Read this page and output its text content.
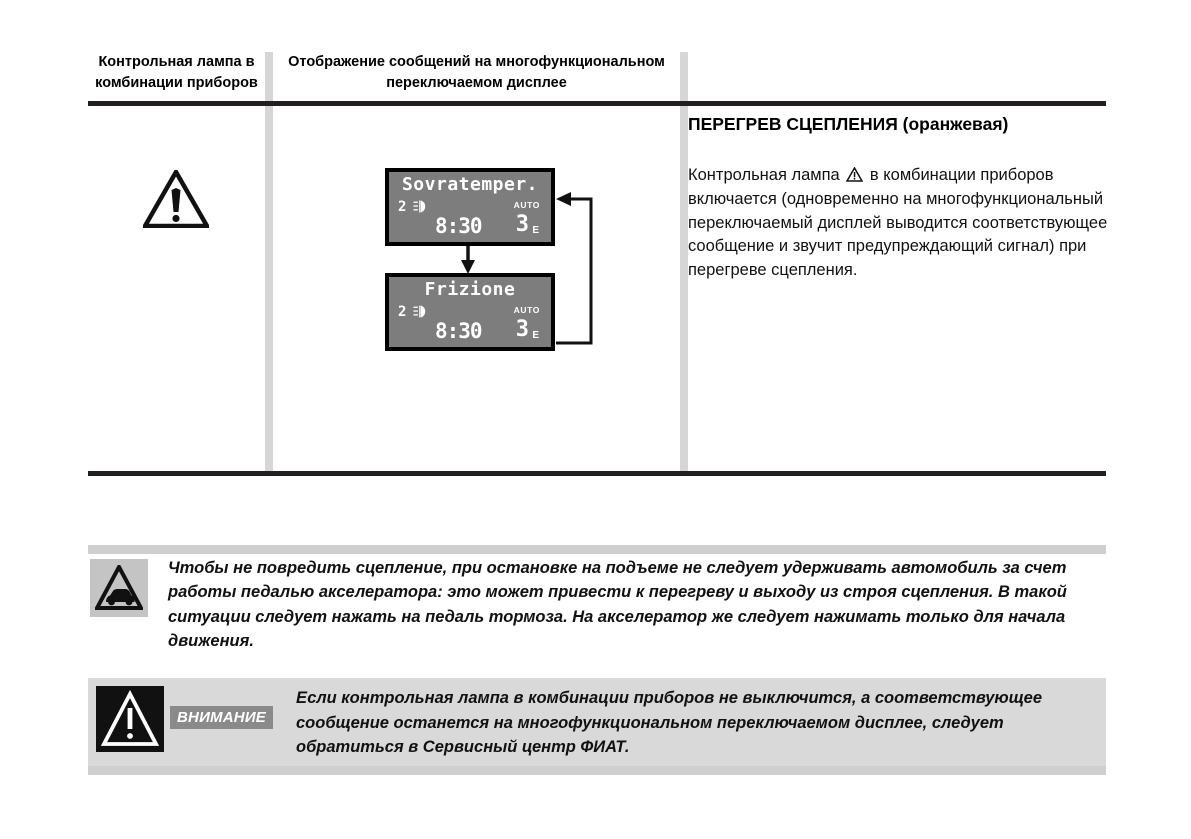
Контрольная лампа в комбинации приборов
Отображение сообщений на многофункциональном переключаемом дисплее
Sovratemper.
2	AUTO
8:30 3 E
Frizione
2	AUTO
8:30 3 E
ПЕРЕГРЕВ СЦЕПЛЕНИЯ (оранжевая)
Контрольная лампа  в комбинации приборов включается (одновременно на многофункциональный переключаемый дисплей выводится соответствующее сообщение и звучит предупреждающий сигнал) при перегреве сцепления.
Чтобы не повредить сцепление, при остановке на подъеме не следует удерживать автомобиль за счет работы педалью акселератора: это может привести к перегреву и выходу из строя сцепления. В такой ситуации следует нажать на педаль тормоза. На акселератор же следует нажимать только для начала движения.
ВНИМАНИЕ
Если контрольная лампа в комбинации приборов не выключится, а соответствующее сообщение останется на многофункциональном переключаемом дисплее, следует обратиться в Сервисный центр ФИАТ.
